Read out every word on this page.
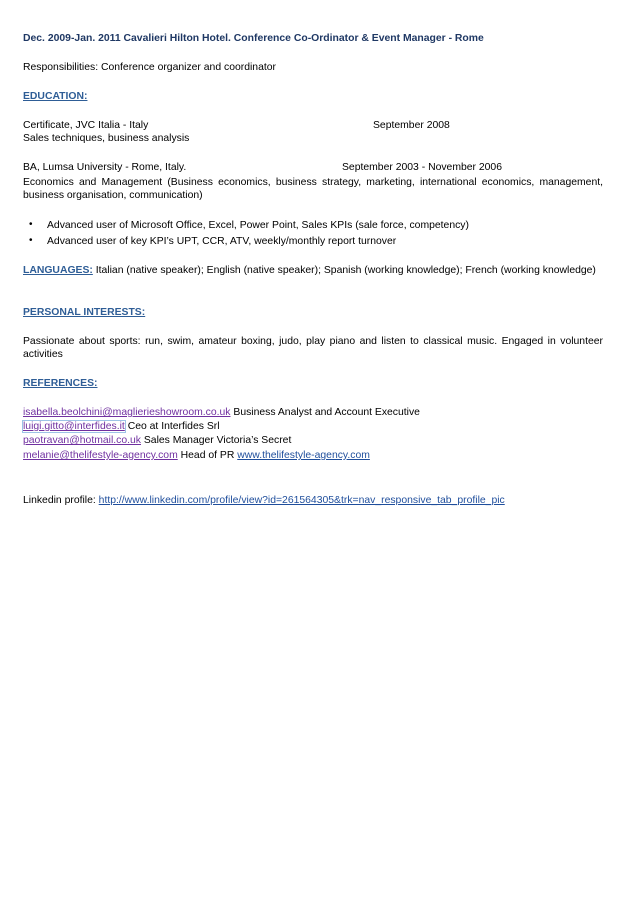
Dec. 2009-Jan. 2011 Cavalieri Hilton Hotel. Conference Co-Ordinator & Event Manager - Rome
Responsibilities: Conference organizer and coordinator
EDUCATION:
Certificate, JVC Italia - Italy	September 2008
Sales techniques, business analysis
BA, Lumsa University - Rome, Italy.	September 2003 - November 2006
Economics and Management (Business economics, business strategy, marketing, international economics, management, business organisation, communication)
• Advanced user of Microsoft Office, Excel, Power Point, Sales KPIs (sale force, competency)
• Advanced user of key KPI’s UPT, CCR, ATV, weekly/monthly report turnover
LANGUAGES: Italian (native speaker); English (native speaker); Spanish (working knowledge); French (working knowledge)
PERSONAL INTERESTS:
Passionate about sports: run, swim, amateur boxing, judo, play piano and listen to classical music. Engaged in volunteer activities
REFERENCES:
isabella.beolchini@maglierieshowroom.co.uk Business Analyst and Account Executive
luigi.gitto@interfides.it Ceo at Interfides Srl
paotravan@hotmail.co.uk Sales Manager Victoria’s Secret
melanie@thelifestyle-agency.com Head of PR www.thelifestyle-agency.com
Linkedin profile: http://www.linkedin.com/profile/view?id=261564305&trk=nav_responsive_tab_profile_pic
